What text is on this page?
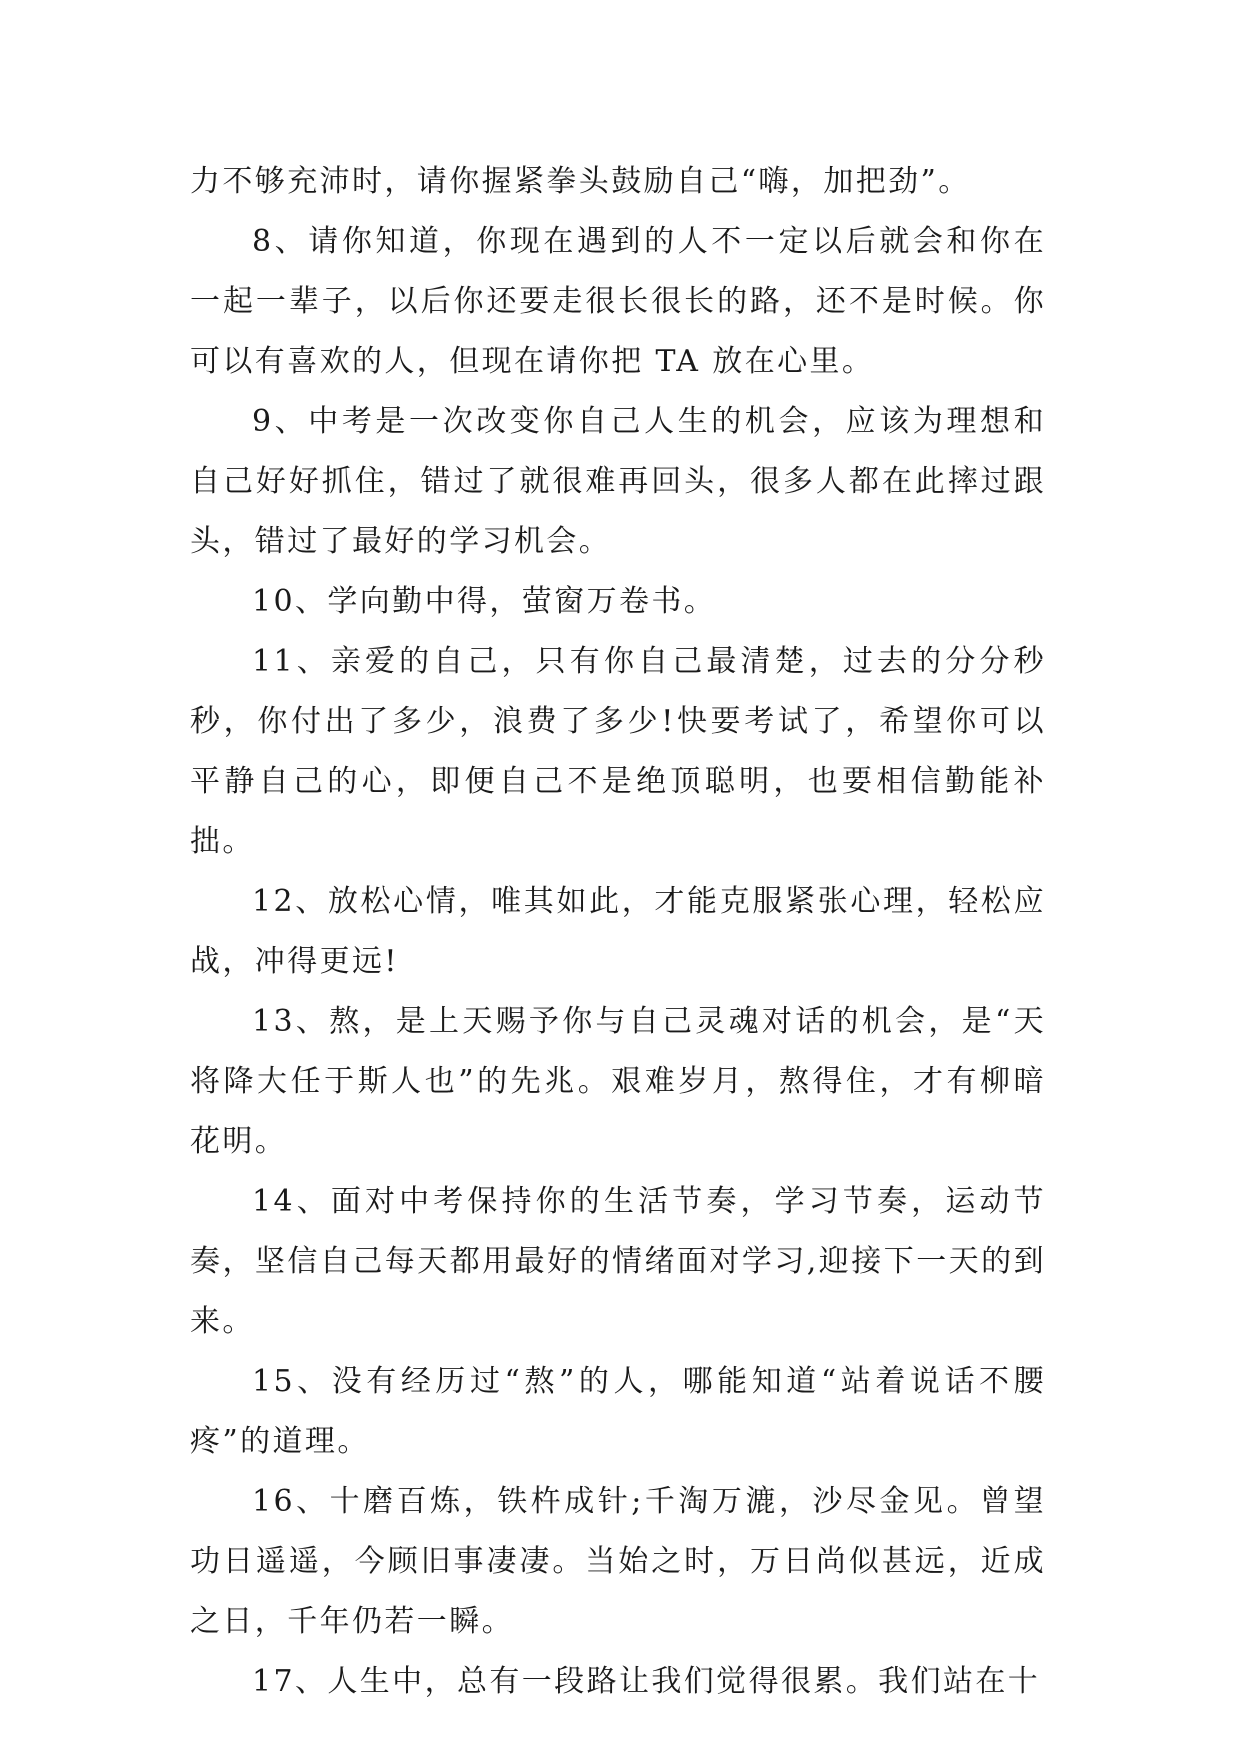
力不够充沛时，请你握紧拳头鼓励自己“嗨，加把劲”。

8、请你知道，你现在遇到的人不一定以后就会和你在一起一辈子，以后你还要走很长很长的路，还不是时候。你可以有喜欢的人，但现在请你把 TA 放在心里。

9、中考是一次改变你自己人生的机会，应该为理想和自己好好抓住，错过了就很难再回头，很多人都在此摔过跟头，错过了最好的学习机会。

10、学向勤中得，萤窗万卷书。

11、亲爱的自己，只有你自己最清楚，过去的分分秒秒，你付出了多少，浪费了多少!快要考试了，希望你可以平静自己的心，即便自己不是绝顶聪明，也要相信勤能补拙。

12、放松心情，唯其如此，才能克服紧张心理，轻松应战，冲得更远!

13、熬，是上天赐予你与自己灵魂对话的机会，是“天将降大任于斯人也”的先兆。艰难岁月，熬得住，才有柳暗花明。

14、面对中考保持你的生活节奏，学习节奏，运动节奏，坚信自己每天都用最好的情绪面对学习,迎接下一天的到来。

15、没有经历过“熬”的人，哪能知道“站着说话不腰疼”的道理。

16、十磨百炼，铁杵成针;千淘万漉，沙尽金见。曾望功日遥遥，今顾旧事凄凄。当始之时，万日尚似甚远，近成之日，千年仍若一瞬。

17、人生中，总有一段路让我们觉得很累。我们站在十
